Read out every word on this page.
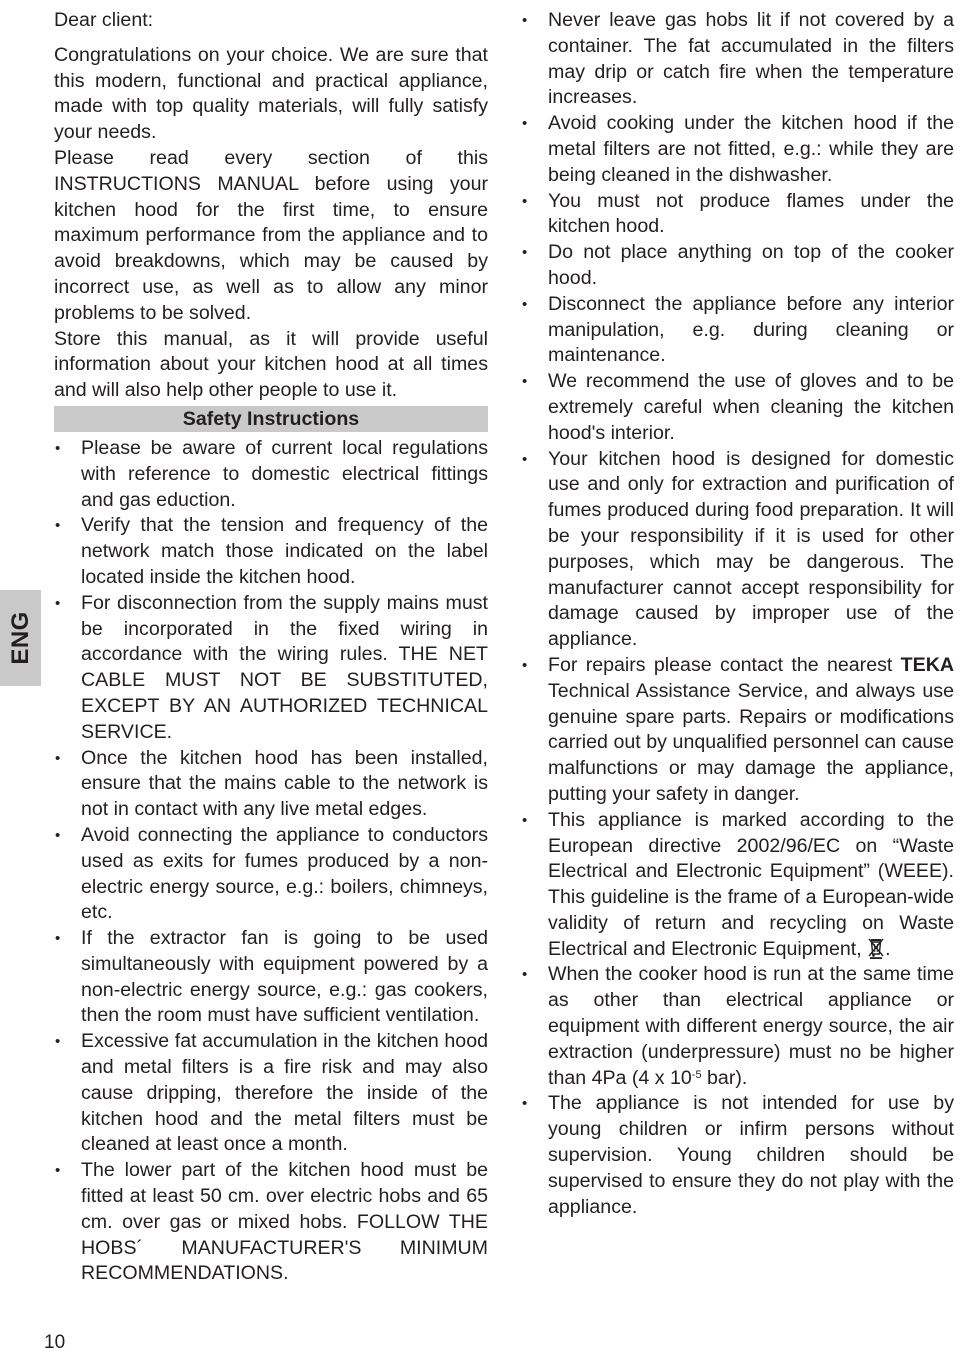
ENG

Dear client:

Congratulations on your choice. We are sure that this modern, functional and practical appliance, made with top quality materials, will fully satisfy your needs.

Please read every section of this INSTRUCTIONS MANUAL before using your kitchen hood for the first time, to ensure maximum performance from the appliance and to avoid breakdowns, which may be caused by incorrect use, as well as to allow any minor problems to be solved.

Store this manual, as it will provide useful information about your kitchen hood at all times and will also help other people to use it.

Safety Instructions
• Please be aware of current local regulations with reference to domestic electrical fittings and gas eduction.
• Verify that the tension and frequency of the network match those indicated on the label located inside the kitchen hood.
• For disconnection from the supply mains must be incorporated in the fixed wiring in accordance with the wiring rules. THE NET CABLE MUST NOT BE SUBSTITUTED, EXCEPT BY AN AUTHORIZED TECHNICAL SERVICE.
• Once the kitchen hood has been installed, ensure that the mains cable to the network is not in contact with any live metal edges.
• Avoid connecting the appliance to conductors used as exits for fumes produced by a non-electric energy source, e.g.: boilers, chimneys, etc.
• If the extractor fan is going to be used simultaneously with equipment powered by a non-electric energy source, e.g.: gas cookers, then the room must have sufficient ventilation.
• Excessive fat accumulation in the kitchen hood and metal filters is a fire risk and may also cause dripping, therefore the inside of the kitchen hood and the metal filters must be cleaned at least once a month.
• The lower part of the kitchen hood must be fitted at least 50 cm. over electric hobs and 65 cm. over gas or mixed hobs. FOLLOW THE HOBS´ MANUFACTURER'S MINIMUM RECOMMENDATIONS.
• Never leave gas hobs lit if not covered by a container. The fat accumulated in the filters may drip or catch fire when the temperature increases.
• Avoid cooking under the kitchen hood if the metal filters are not fitted, e.g.: while they are being cleaned in the dishwasher.
• You must not produce flames under the kitchen hood.
• Do not place anything on top of the cooker hood.
• Disconnect the appliance before any interior manipulation, e.g. during cleaning or maintenance.
• We recommend the use of gloves and to be extremely careful when cleaning the kitchen hood's interior.
• Your kitchen hood is designed for domestic use and only for extraction and purification of fumes produced during food preparation. It will be your responsibility if it is used for other purposes, which may be dangerous. The manufacturer cannot accept responsibility for damage caused by improper use of the appliance.
• For repairs please contact the nearest TEKA Technical Assistance Service, and always use genuine spare parts. Repairs or modifications carried out by unqualified personnel can cause malfunctions or may damage the appliance, putting your safety in danger.
• This appliance is marked according to the European directive 2002/96/EC on “Waste Electrical and Electronic Equipment” (WEEE). This guideline is the frame of a European-wide validity of return and recycling on Waste Electrical and Electronic Equipment, .
• When the cooker hood is run at the same time as other than electrical appliance or equipment with different energy source, the air extraction (underpressure) must no be higher than 4Pa (4 x $10^{-5}$ bar).
• The appliance is not intended for use by young children or infirm persons without supervision. Young children should be supervised to ensure they do not play with the appliance.
10
